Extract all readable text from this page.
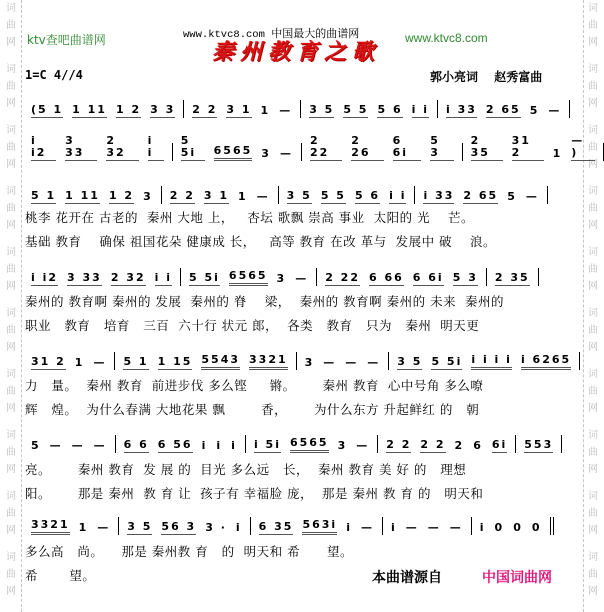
词
曲
网
词
曲
网
词
曲
网
词
曲
网
词
曲
网
词
曲
网
词
曲
网
词
曲
网
词
曲
网
词
曲
网
词
曲
网
词
曲
网
词
曲
网
词
曲
网
词
曲
网
词
曲
网
词
曲
网
词
曲
网
词
曲
网
词
曲
网
ktv查吧曲谱网	www.ktvc8.com 中国最大的曲谱网	www.ktvc8.com
秦州教育之歌
1=C 4//4	郭小亮词 赵秀富曲
(5 1 1 11 1 2 3 3 2 2 3 1 1 — 3 5 5 5 5 6 i i i 33 2 65 5 —
i i2
3 33
2 32
i i
5 5i	6565 3 —
2 22
2 26
6 6i
5 3
2 35
31 2	1
— )
5 1 1 11 1 2 3 2 2 3 1 1 — 3 5 5 5 5 6 i i i 33 2 65 5 —
桃李 花开在 古老的  秦州 大地 上，   杏坛 歌飘 崇高 事业  太阳的 光    芒。
基础 教育    确保 祖国花朵 健康成 长，   高等 教育 在改 革与  发展中 破    浪。
i i2 3 33 2 32 i i 5 5i 6565 3 — 2 22 6 66 6 6i 5 3 2 35
秦州的 教育啊 秦州的 发展  秦州的 脊    梁，  秦州的 教育啊 秦州的 未来  秦州的
职业   教育   培育   三百  六十行 状元 郎，  各类   教育   只为   秦州  明天更
31 2 1 — 5 1 1 15 5543 3321 3 — — — 3 5 5 5i i i i i i 6265
力   量。  秦州 教育  前进步伐 多么铿     锵。      秦州 教育  心中号角 多么嘹
辉   煌。  为什么春满 大地花果 飘        香，      为什么东方 升起鲜红 的   朝
5 — — — 6 6 6 56 i i i i 5i 6565 3 — 2 2 2 2 2 6 6i 553
亮。      秦州 教育  发 展 的  目光 多么远   长，  秦州 教育 美 好 的   理想
阳。      那是 秦州  教 育 让  孩子有 幸福脸 庞，  那是 秦州 教 育 的   明天和
3321 1 — 3 5 56 3 3 · i 6 35 563i i — i — — — i 0 0 0
多么高   尚。    那是 秦州教 育   的  明天和 希      望。
希       望。	本曲谱源自	中国词曲网
